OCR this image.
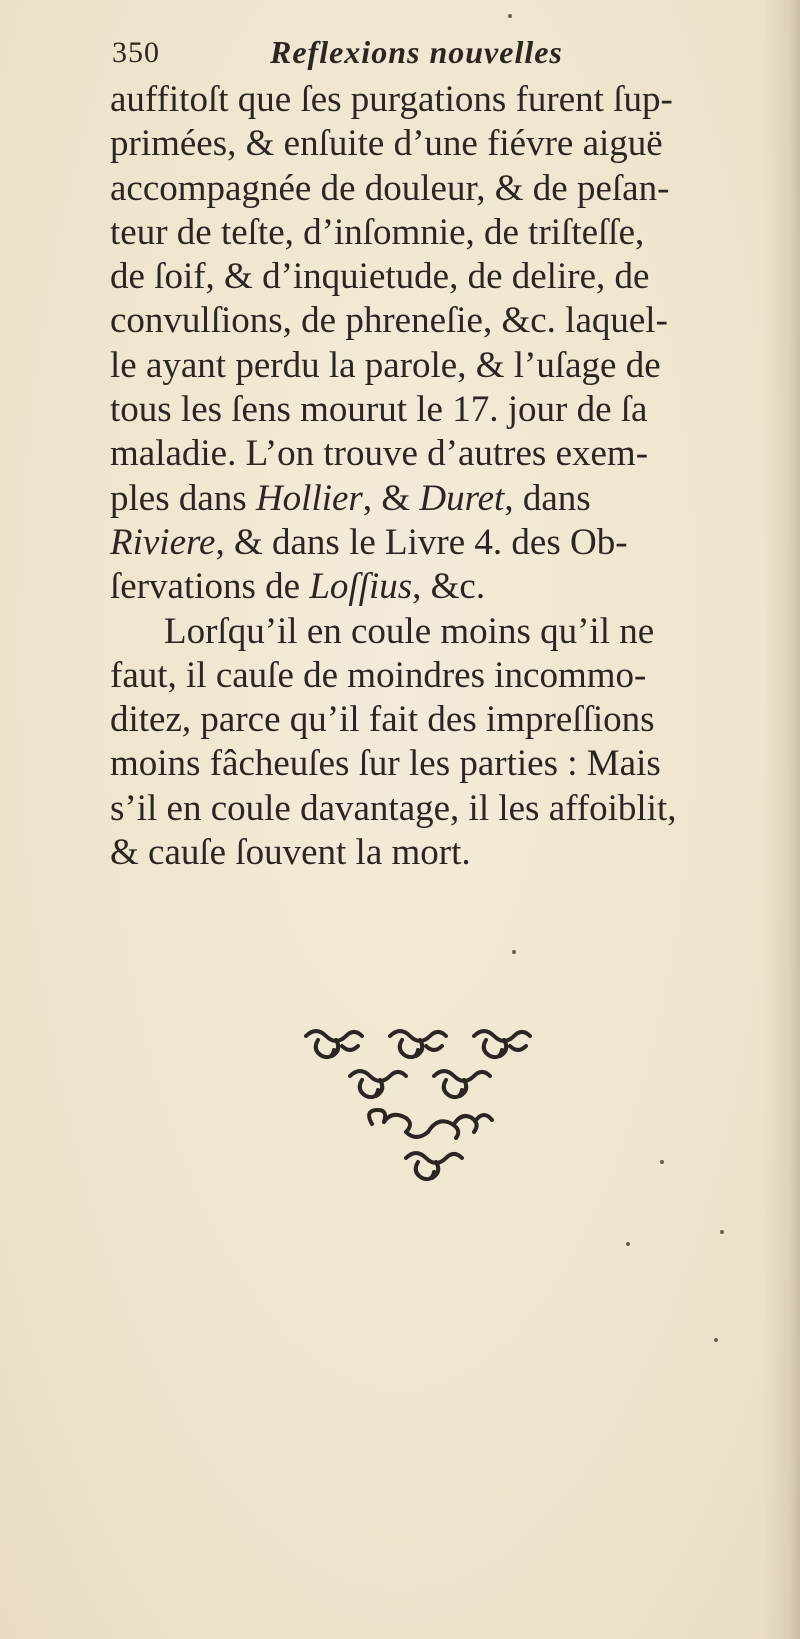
350	Reflexions nouvelles
auffitoſt que ſes purgations furent ſup-
primées, & enſuite d’une fiévre aiguë
accompagnée de douleur, & de peſan-
teur de teſte, d’inſomnie, de triſteſſe,
de ſoif, & d’inquietude, de delire, de
convulſions, de phreneſie, &c. laquel-
le ayant perdu la parole, & l’uſage de
tous les ſens mourut le 17. jour de ſa
maladie. L’on trouve d’autres exem-
ples dans Hollier, & Duret, dans
Riviere, & dans le Livre 4. des Ob-
ſervations de Loſſius, &c.
Lorſqu’il en coule moins qu’il ne
faut, il cauſe de moindres incommo-
ditez, parce qu’il fait des impreſſions
moins fâcheuſes ſur les parties : Mais
s’il en coule davantage, il les affoiblit,
& cauſe ſouvent la mort.
